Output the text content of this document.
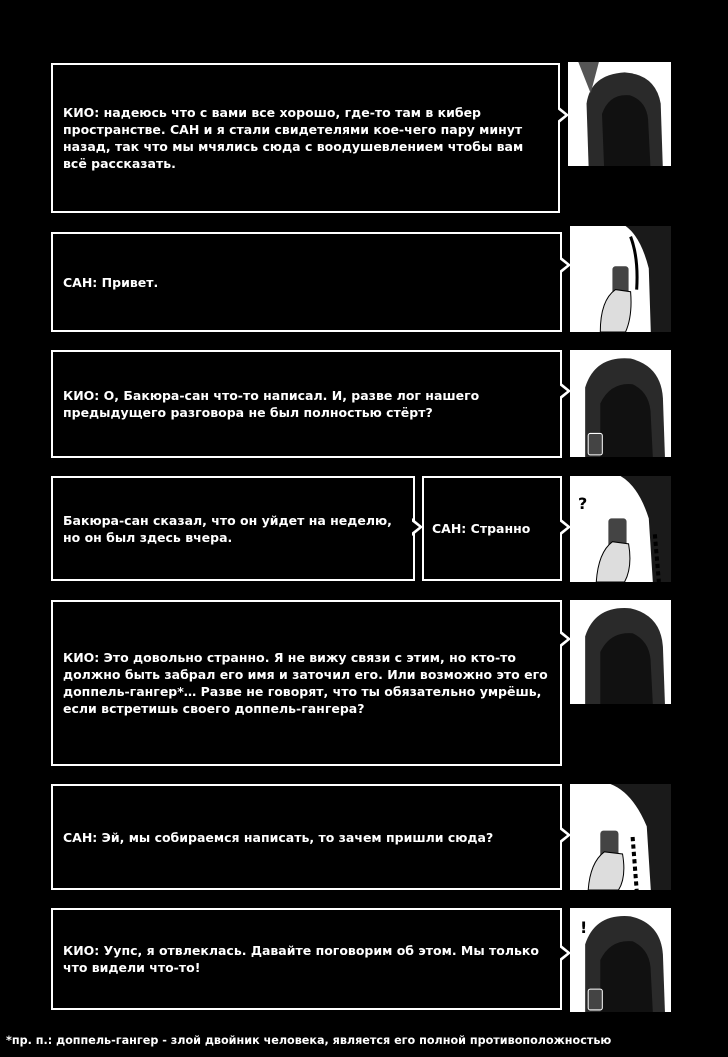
КИО: надеюсь что с вами все хорошо, где-то там в кибер пространстве. САН и я стали свидетелями кое-чего пару минут назад, так что мы мчялись сюда с воодушевлением чтобы вам всё рассказать.
САН: Привет.
КИО: О, Бакюра-сан что-то написал. И, разве лог нашего предыдущего разговора не был полностью стёрт?
Бакюра-сан сказал, что он уйдет на неделю, но он был здесь вчера.
САН: Странно
?
КИО: Это довольно странно. Я не вижу связи с этим, но кто-то должно быть забрал его имя и заточил его. Или возможно это его доппель-гангер*… Разве не говорят, что ты обязательно умрёшь, если встретишь своего доппель-гангера?
САН: Эй, мы собираемся написать, то зачем пришли сюда?
КИО: Уупс, я отвлеклась. Давайте поговорим об этом. Мы только что видели что-то!
!
*пр. п.: доппель-гангер - злой двойник человека, является его полной противоположностью
